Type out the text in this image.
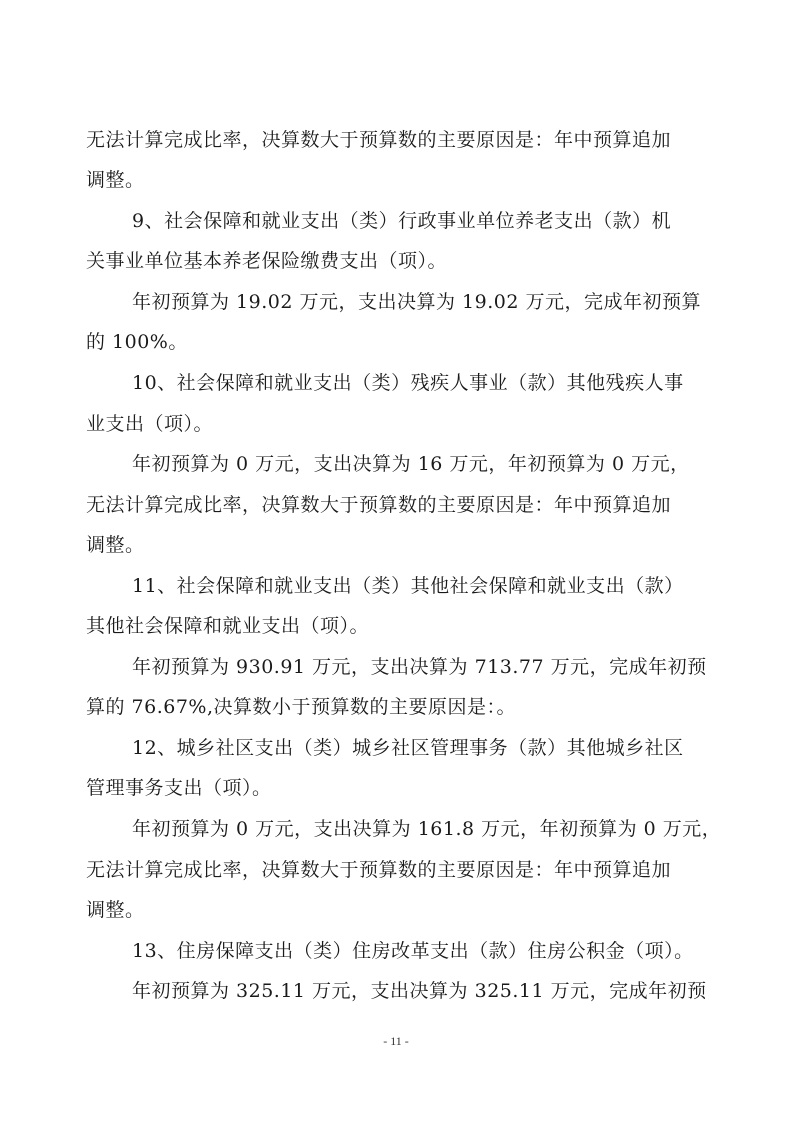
无法计算完成比率，决算数大于预算数的主要原因是：年中预算追加
调整。
9、社会保障和就业支出（类）行政事业单位养老支出（款）机
关事业单位基本养老保险缴费支出（项）。
年初预算为 19.02 万元，支出决算为 19.02 万元，完成年初预算
的 100%。
10、社会保障和就业支出（类）残疾人事业（款）其他残疾人事
业支出（项）。
年初预算为 0 万元，支出决算为 16 万元，年初预算为 0 万元，
无法计算完成比率，决算数大于预算数的主要原因是：年中预算追加
调整。
11、社会保障和就业支出（类）其他社会保障和就业支出（款）
其他社会保障和就业支出（项）。
年初预算为 930.91 万元，支出决算为 713.77 万元，完成年初预
算的 76.67%,决算数小于预算数的主要原因是：。
12、城乡社区支出（类）城乡社区管理事务（款）其他城乡社区
管理事务支出（项）。
年初预算为 0 万元，支出决算为 161.8 万元，年初预算为 0 万元，
无法计算完成比率，决算数大于预算数的主要原因是：年中预算追加
调整。
13、住房保障支出（类）住房改革支出（款）住房公积金（项）。
年初预算为 325.11 万元，支出决算为 325.11 万元，完成年初预
- 11 -
